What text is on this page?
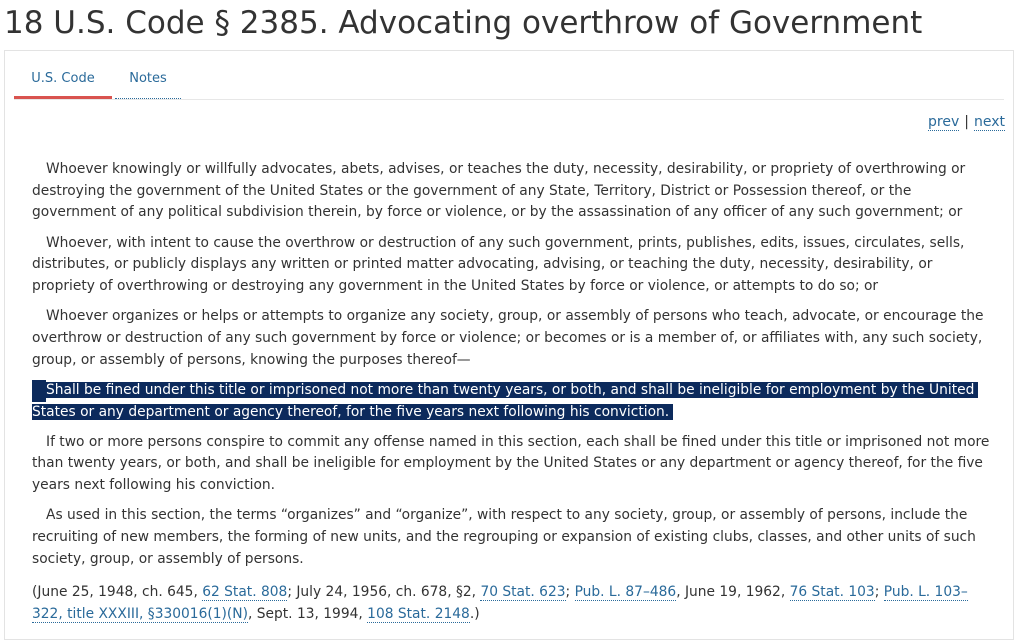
18 U.S. Code § 2385. Advocating overthrow of Government
U.S. Code	Notes
prev | next

Whoever knowingly or willfully advocates, abets, advises, or teaches the duty, necessity, desirability, or propriety of overthrowing or destroying the government of the United States or the government of any State, Territory, District or Possession thereof, or the government of any political subdivision therein, by force or violence, or by the assassination of any officer of any such government; or

Whoever, with intent to cause the overthrow or destruction of any such government, prints, publishes, edits, issues, circulates, sells, distributes, or publicly displays any written or printed matter advocating, advising, or teaching the duty, necessity, desirability, or propriety of overthrowing or destroying any government in the United States by force or violence, or attempts to do so; or

Whoever organizes or helps or attempts to organize any society, group, or assembly of persons who teach, advocate, or encourage the overthrow or destruction of any such government by force or violence; or becomes or is a member of, or affiliates with, any such society, group, or assembly of persons, knowing the purposes thereof—

Shall be fined under this title or imprisoned not more than twenty years, or both, and shall be ineligible for employment by the United States or any department or agency thereof, for the five years next following his conviction.

If two or more persons conspire to commit any offense named in this section, each shall be fined under this title or imprisoned not more than twenty years, or both, and shall be ineligible for employment by the United States or any department or agency thereof, for the five years next following his conviction.

As used in this section, the terms “organizes” and “organize”, with respect to any society, group, or assembly of persons, include the recruiting of new members, the forming of new units, and the regrouping or expansion of existing clubs, classes, and other units of such society, group, or assembly of persons.

(June 25, 1948, ch. 645, 62 Stat. 808; July 24, 1956, ch. 678, §2, 70 Stat. 623; Pub. L. 87–486, June 19, 1962, 76 Stat. 103; Pub. L. 103–322, title XXXIII, §330016(1)(N), Sept. 13, 1994, 108 Stat. 2148.)
